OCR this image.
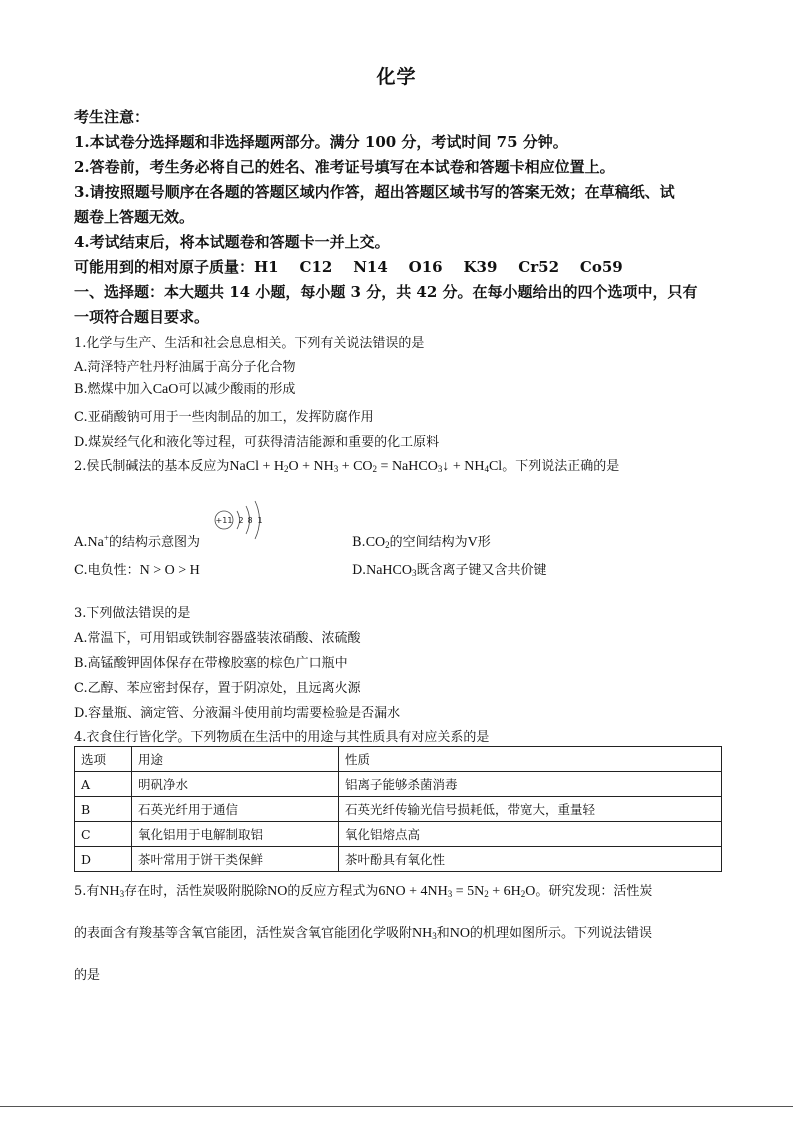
化学
考生注意：
1.本试卷分选择题和非选择题两部分。满分 100 分，考试时间 75 分钟。
2.答卷前，考生务必将自己的姓名、准考证号填写在本试卷和答题卡相应位置上。
3.请按照题号顺序在各题的答题区域内作答，超出答题区域书写的答案无效；在草稿纸、试
题卷上答题无效。
4.考试结束后，将本试题卷和答题卡一并上交。
可能用到的相对原子质量：H1    C12    N14    O16    K39    Cr52    Co59
一、选择题：本大题共 14 小题，每小题 3 分，共 42 分。在每小题给出的四个选项中，只有
一项符合题目要求。
1.化学与生产、生活和社会息息相关。下列有关说法错误的是
A.菏泽特产牡丹籽油属于高分子化合物
B.燃煤中加入CaO可以减少酸雨的形成
C.亚硝酸钠可用于一些肉制品的加工，发挥防腐作用
D.煤炭经气化和液化等过程，可获得清洁能源和重要的化工原料
2.侯氏制碱法的基本反应为NaCl + $H_2O + NH_3 + CO_2$ = NaHCO$_3$↓ + $NH_4Cl$。下列说法正确的是
A.Na+的结构示意图为
+11 2 8 1
$B.CO_2$的空间结构为V形
C.电负性：N > O > H	D.NaHCO$_3$既含离子键又含共价键
3.下列做法错误的是
A.常温下，可用铝或铁制容器盛装浓硝酸、浓硫酸
B.高锰酸钾固体保存在带橡胶塞的棕色广口瓶中
C.乙醇、苯应密封保存，置于阴凉处，且远离火源
D.容量瓶、滴定管、分液漏斗使用前均需要检验是否漏水
4.衣食住行皆化学。下列物质在生活中的用途与其性质具有对应关系的是
选项	用途	性质
A	明矾净水	铝离子能够杀菌消毒
B	石英光纤用于通信	石英光纤传输光信号损耗低，带宽大，重量轻
C	氧化铝用于电解制取铝	氧化铝熔点高
D	茶叶常用于饼干类保鲜	茶叶酚具有氧化性
5.有$NH_3$存在时，活性炭吸附脱除NO的反应方程式为$6NO + 4NH_3 = 5N_2 + 6H_2O$。研究发现：活性炭
的表面含有羧基等含氧官能团，活性炭含氧官能团化学吸附$NH_3$和NO的机理如图所示。下列说法错误
的是
